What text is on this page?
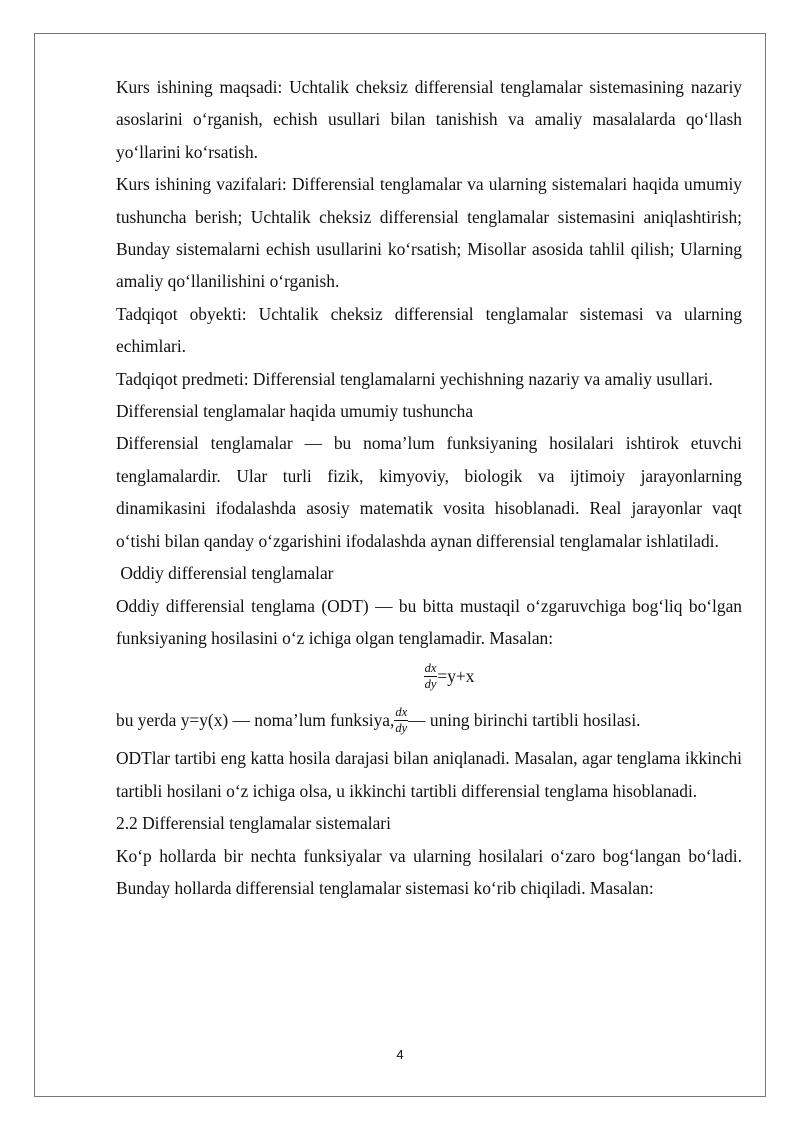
Kurs ishining maqsadi: Uchtalik cheksiz differensial tenglamalar sistemasining nazariy asoslarini o‘rganish, echish usullari bilan tanishish va amaliy masalalarda qo‘llash yo‘llarini ko‘rsatish.

Kurs ishining vazifalari: Differensial tenglamalar va ularning sistemalari haqida umumiy tushuncha berish; Uchtalik cheksiz differensial tenglamalar sistemasini aniqlashtirish; Bunday sistemalarni echish usullarini ko‘rsatish; Misollar asosida tahlil qilish; Ularning amaliy qo‘llanilishini o‘rganish.

Tadqiqot obyekti: Uchtalik cheksiz differensial tenglamalar sistemasi va ularning echimlari.

Tadqiqot predmeti: Differensial tenglamalarni yechishning nazariy va amaliy usullari.

Differensial tenglamalar haqida umumiy tushuncha

Differensial tenglamalar — bu noma’lum funksiyaning hosilalari ishtirok etuvchi tenglamalardir. Ular turli fizik, kimyoviy, biologik va ijtimoiy jarayonlarning dinamikasini ifodalashda asosiy matematik vosita hisoblanadi. Real jarayonlar vaqt o‘tishi bilan qanday o‘zgarishini ifodalashda aynan differensial tenglamalar ishlatiladi.

Oddiy differensial tenglamalar

Oddiy differensial tenglama (ODT) — bu bitta mustaqil o‘zgaruvchiga bog‘liq bo‘lgan funksiyaning hosilasini o‘z ichiga olgan tenglamadir. Masalan:

$\frac{dx}{dy} =y+x$
bu yerda y=y(x) — noma’lum funksiya, $\frac{dx}{dy}$ — uning birinchi tartibli hosilasi.

ODTlar tartibi eng katta hosila darajasi bilan aniqlanadi. Masalan, agar tenglama ikkinchi tartibli hosilani o‘z ichiga olsa, u ikkinchi tartibli differensial tenglama hisoblanadi.

2.2 Differensial tenglamalar sistemalari

Ko‘p hollarda bir nechta funksiyalar va ularning hosilalari o‘zaro bog‘langan bo‘ladi. Bunday hollarda differensial tenglamalar sistemasi ko‘rib chiqiladi. Masalan:

4
